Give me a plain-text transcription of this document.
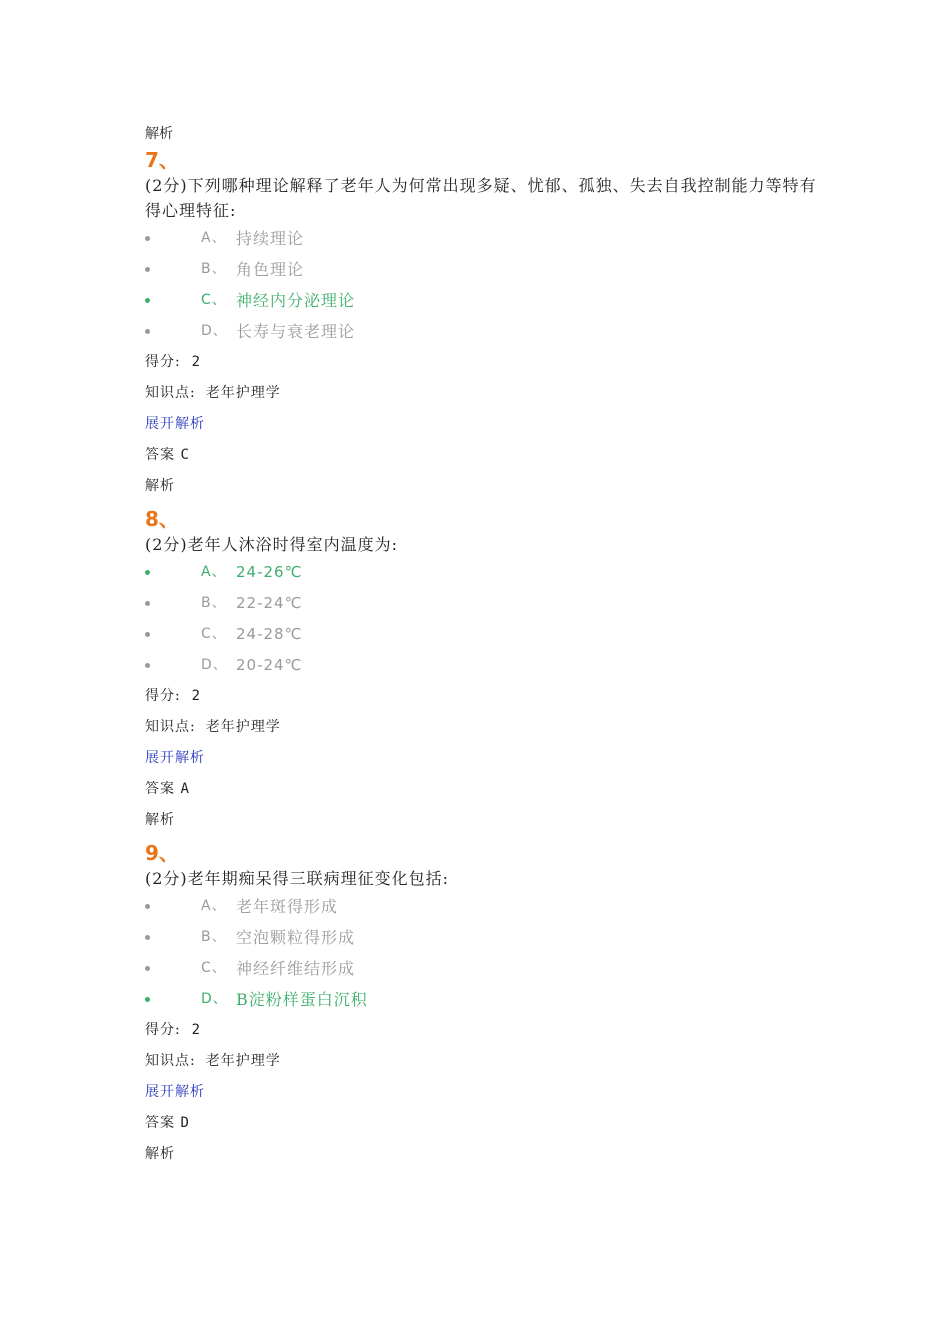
解析
7、
(2分)下列哪种理论解释了老年人为何常出现多疑、忧郁、孤独、失去自我控制能力等特有得心理特征:
A、 持续理论
B、 角色理论
C、 神经内分泌理论
D、 长寿与衰老理论
得分: 2
知识点: 老年护理学
展开解析
答案 C
解析
8、
(2分)老年人沐浴时得室内温度为:
A、 24-26℃
B、 22-24℃
C、 24-28℃
D、 20-24℃
得分: 2
知识点: 老年护理学
展开解析
答案 A
解析
9、
(2分)老年期痴呆得三联病理征变化包括:
A、 老年斑得形成
B、 空泡颗粒得形成
C、 神经纤维结形成
D、 B淀粉样蛋白沉积
得分: 2
知识点: 老年护理学
展开解析
答案 D
解析
